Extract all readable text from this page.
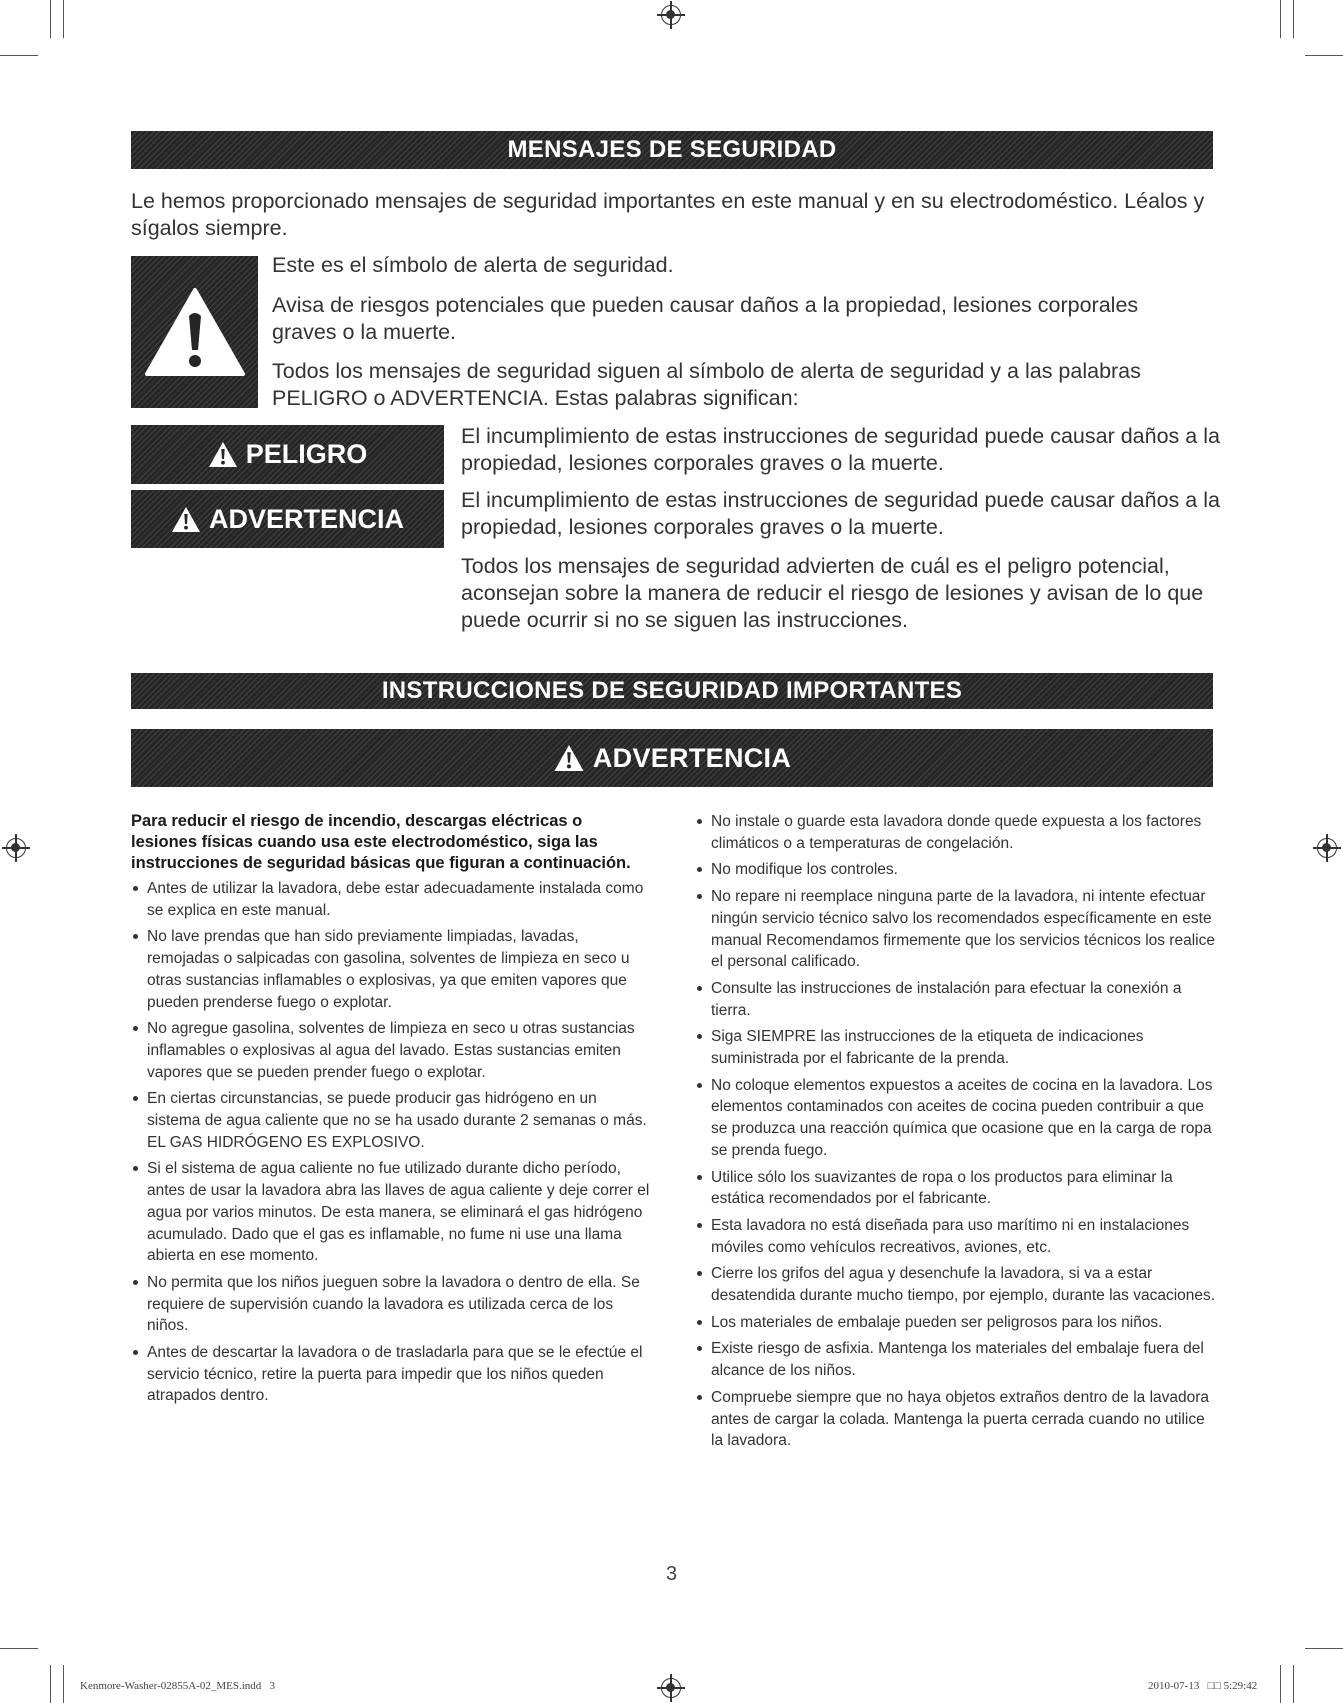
MENSAJES DE SEGURIDAD
Le hemos proporcionado mensajes de seguridad importantes en este manual y en su electrodoméstico. Léalos y sígalos siempre.
Este es el símbolo de alerta de seguridad.
Avisa de riesgos potenciales que pueden causar daños a la propiedad, lesiones corporales graves o la muerte.
Todos los mensajes de seguridad siguen al símbolo de alerta de seguridad y a las palabras PELIGRO o ADVERTENCIA. Estas palabras significan:
PELIGRO
El incumplimiento de estas instrucciones de seguridad puede causar daños a la propiedad, lesiones corporales graves o la muerte.
ADVERTENCIA
El incumplimiento de estas instrucciones de seguridad puede causar daños a la propiedad, lesiones corporales graves o la muerte.
Todos los mensajes de seguridad advierten de cuál es el peligro potencial, aconsejan sobre la manera de reducir el riesgo de lesiones y avisan de lo que puede ocurrir si no se siguen las instrucciones.
INSTRUCCIONES DE SEGURIDAD IMPORTANTES
ADVERTENCIA

Para reducir el riesgo de incendio, descargas eléctricas o lesiones físicas cuando usa este electrodoméstico, siga las instrucciones de seguridad básicas que figuran a continuación.

Antes de utilizar la lavadora, debe estar adecuadamente instalada como se explica en este manual.
No lave prendas que han sido previamente limpiadas, lavadas, remojadas o salpicadas con gasolina, solventes de limpieza en seco u otras sustancias inflamables o explosivas, ya que emiten vapores que pueden prenderse fuego o explotar.
No agregue gasolina, solventes de limpieza en seco u otras sustancias inflamables o explosivas al agua del lavado. Estas sustancias emiten vapores que se pueden prender fuego o explotar.
En ciertas circunstancias, se puede producir gas hidrógeno en un sistema de agua caliente que no se ha usado durante 2 semanas o más. EL GAS HIDRÓGENO ES EXPLOSIVO.
Si el sistema de agua caliente no fue utilizado durante dicho período, antes de usar la lavadora abra las llaves de agua caliente y deje correr el agua por varios minutos. De esta manera, se eliminará el gas hidrógeno acumulado. Dado que el gas es inflamable, no fume ni use una llama abierta en ese momento.
No permita que los niños jueguen sobre la lavadora o dentro de ella. Se requiere de supervisión cuando la lavadora es utilizada cerca de los niños.
Antes de descartar la lavadora o de trasladarla para que se le efectúe el servicio técnico, retire la puerta para impedir que los niños queden atrapados dentro.
No instale o guarde esta lavadora donde quede expuesta a los factores climáticos o a temperaturas de congelación.
No modifique los controles.
No repare ni reemplace ninguna parte de la lavadora, ni intente efectuar ningún servicio técnico salvo los recomendados específicamente en este manual Recomendamos firmemente que los servicios técnicos los realice el personal calificado.
Consulte las instrucciones de instalación para efectuar la conexión a tierra.
Siga SIEMPRE las instrucciones de la etiqueta de indicaciones suministrada por el fabricante de la prenda.
No coloque elementos expuestos a aceites de cocina en la lavadora. Los elementos contaminados con aceites de cocina pueden contribuir a que se produzca una reacción química que ocasione que en la carga de ropa se prenda fuego.
Utilice sólo los suavizantes de ropa o los productos para eliminar la estática recomendados por el fabricante.
Esta lavadora no está diseñada para uso marítimo ni en instalaciones móviles como vehículos recreativos, aviones, etc.
Cierre los grifos del agua y desenchufe la lavadora, si va a estar desatendida durante mucho tiempo, por ejemplo, durante las vacaciones.
Los materiales de embalaje pueden ser peligrosos para los niños.
Existe riesgo de asfixia. Mantenga los materiales del embalaje fuera del alcance de los niños.
Compruebe siempre que no haya objetos extraños dentro de la lavadora antes de cargar la colada. Mantenga la puerta cerrada cuando no utilice la lavadora.
3
Kenmore-Washer-02855A-02_MES.indd   3	2010-07-13   □□ 5:29:42
